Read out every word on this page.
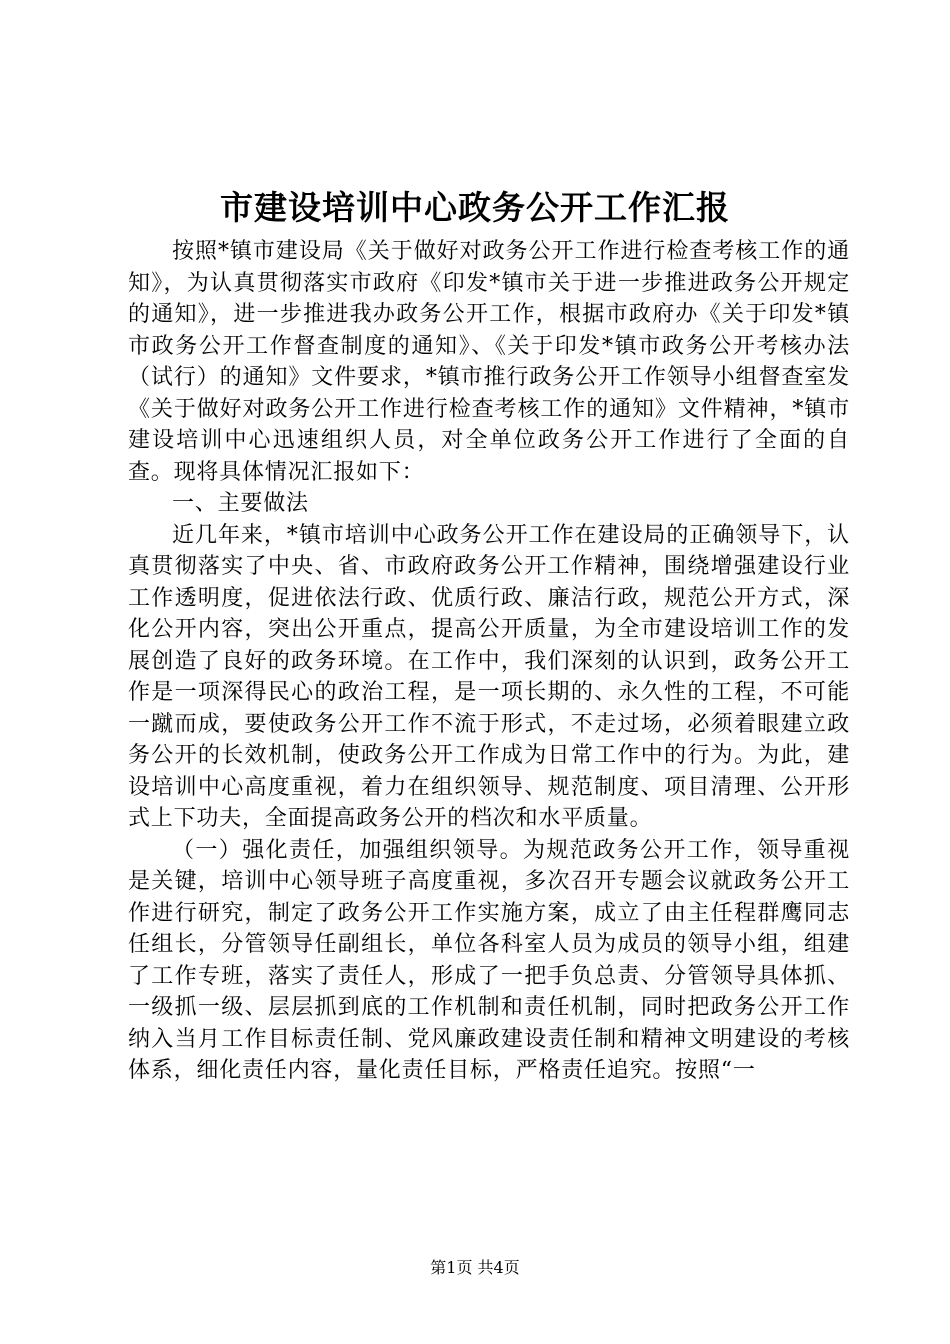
市建设培训中心政务公开工作汇报

按照*镇市建设局《关于做好对政务公开工作进行检查考核工作的通知》，为认真贯彻落实市政府《印发*镇市关于进一步推进政务公开规定的通知》，进一步推进我办政务公开工作，根据市政府办《关于印发*镇市政务公开工作督查制度的通知》、《关于印发*镇市政务公开考核办法（试行）的通知》文件要求，*镇市推行政务公开工作领导小组督查室发《关于做好对政务公开工作进行检查考核工作的通知》文件精神，*镇市建设培训中心迅速组织人员，对全单位政务公开工作进行了全面的自查。现将具体情况汇报如下：

一、主要做法

近几年来，*镇市培训中心政务公开工作在建设局的正确领导下，认真贯彻落实了中央、省、市政府政务公开工作精神，围绕增强建设行业工作透明度，促进依法行政、优质行政、廉洁行政，规范公开方式，深化公开内容，突出公开重点，提高公开质量，为全市建设培训工作的发展创造了良好的政务环境。在工作中，我们深刻的认识到，政务公开工作是一项深得民心的政治工程，是一项长期的、永久性的工程，不可能一蹴而成，要使政务公开工作不流于形式，不走过场，必须着眼建立政务公开的长效机制，使政务公开工作成为日常工作中的行为。为此，建设培训中心高度重视，着力在组织领导、规范制度、项目清理、公开形式上下功夫，全面提高政务公开的档次和水平质量。

（一）强化责任，加强组织领导。为规范政务公开工作，领导重视是关键，培训中心领导班子高度重视，多次召开专题会议就政务公开工作进行研究，制定了政务公开工作实施方案，成立了由主任程群鹰同志任组长，分管领导任副组长，单位各科室人员为成员的领导小组，组建了工作专班，落实了责任人，形成了一把手负总责、分管领导具体抓、一级抓一级、层层抓到底的工作机制和责任机制，同时把政务公开工作纳入当月工作目标责任制、党风廉政建设责任制和精神文明建设的考核体系，细化责任内容，量化责任目标，严格责任追究。按照“一

第1页 共4页
